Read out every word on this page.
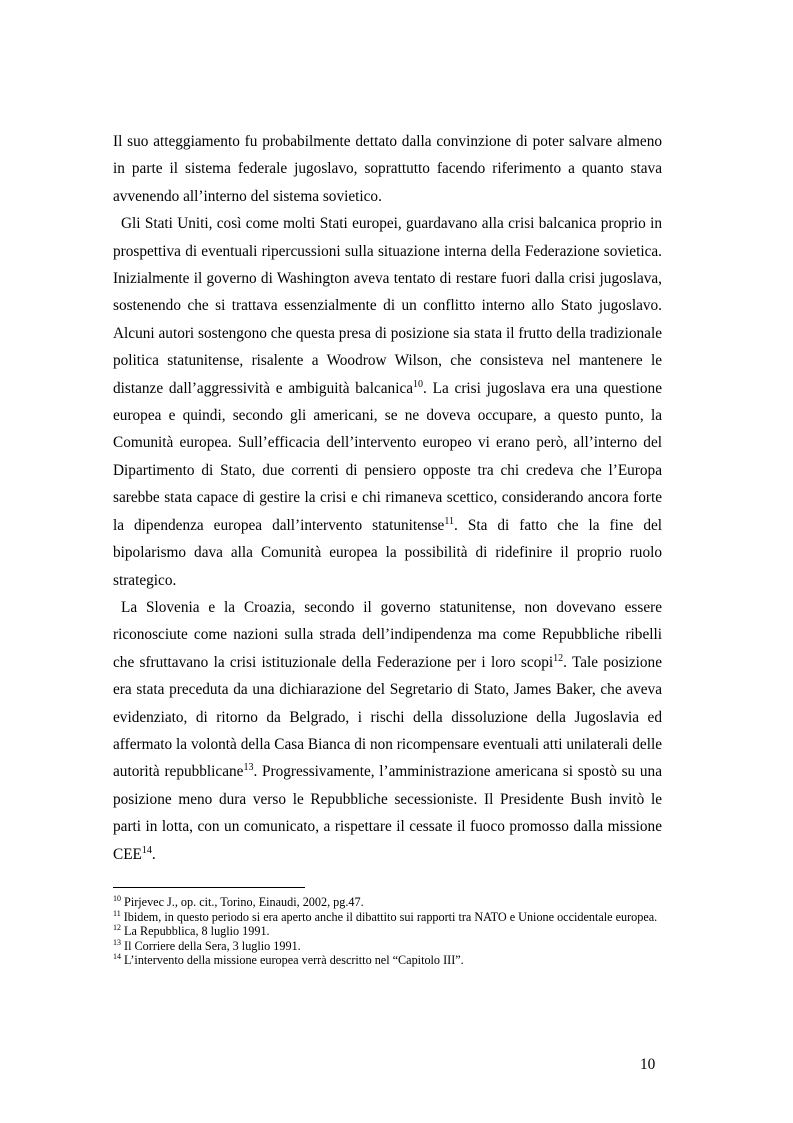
Il suo atteggiamento fu probabilmente dettato dalla convinzione di poter salvare almeno in parte il sistema federale jugoslavo, soprattutto facendo riferimento a quanto stava avvenendo all’interno del sistema sovietico.

Gli Stati Uniti, così come molti Stati europei, guardavano alla crisi balcanica proprio in prospettiva di eventuali ripercussioni sulla situazione interna della Federazione sovietica. Inizialmente il governo di Washington aveva tentato di restare fuori dalla crisi jugoslava, sostenendo che si trattava essenzialmente di un conflitto interno allo Stato jugoslavo. Alcuni autori sostengono che questa presa di posizione sia stata il frutto della tradizionale politica statunitense, risalente a Woodrow Wilson, che consisteva nel mantenere le distanze dall’aggressività e ambiguità balcanica$^{10}$. La crisi jugoslava era una questione europea e quindi, secondo gli americani, se ne doveva occupare, a questo punto, la Comunità europea. Sull’efficacia dell’intervento europeo vi erano però, all’interno del Dipartimento di Stato, due correnti di pensiero opposte tra chi credeva che l’Europa sarebbe stata capace di gestire la crisi e chi rimaneva scettico, considerando ancora forte la dipendenza europea dall’intervento statunitense$^{11}$. Sta di fatto che la fine del bipolarismo dava alla Comunità europea la possibilità di ridefinire il proprio ruolo strategico.

La Slovenia e la Croazia, secondo il governo statunitense, non dovevano essere riconosciute come nazioni sulla strada dell’indipendenza ma come Repubbliche ribelli che sfruttavano la crisi istituzionale della Federazione per i loro scopi$^{12}$. Tale posizione era stata preceduta da una dichiarazione del Segretario di Stato, James Baker, che aveva evidenziato, di ritorno da Belgrado, i rischi della dissoluzione della Jugoslavia ed affermato la volontà della Casa Bianca di non ricompensare eventuali atti unilaterali delle autorità repubblicane$^{13}$. Progressivamente, l’amministrazione americana si spostò su una posizione meno dura verso le Repubbliche secessioniste. Il Presidente Bush invitò le parti in lotta, con un comunicato, a rispettare il cessate il fuoco promosso dalla missione CEE$^{14}$.

$^{10}$ Pirjevec J., op. cit., Torino, Einaudi, 2002, pg.47.

$^{11}$ Ibidem, in questo periodo si era aperto anche il dibattito sui rapporti tra NATO e Unione occidentale europea.

$^{12}$ La Repubblica, 8 luglio 1991.

$^{13}$ Il Corriere della Sera, 3 luglio 1991.

$^{14}$ L’intervento della missione europea verrà descritto nel “Capitolo III”.

10
